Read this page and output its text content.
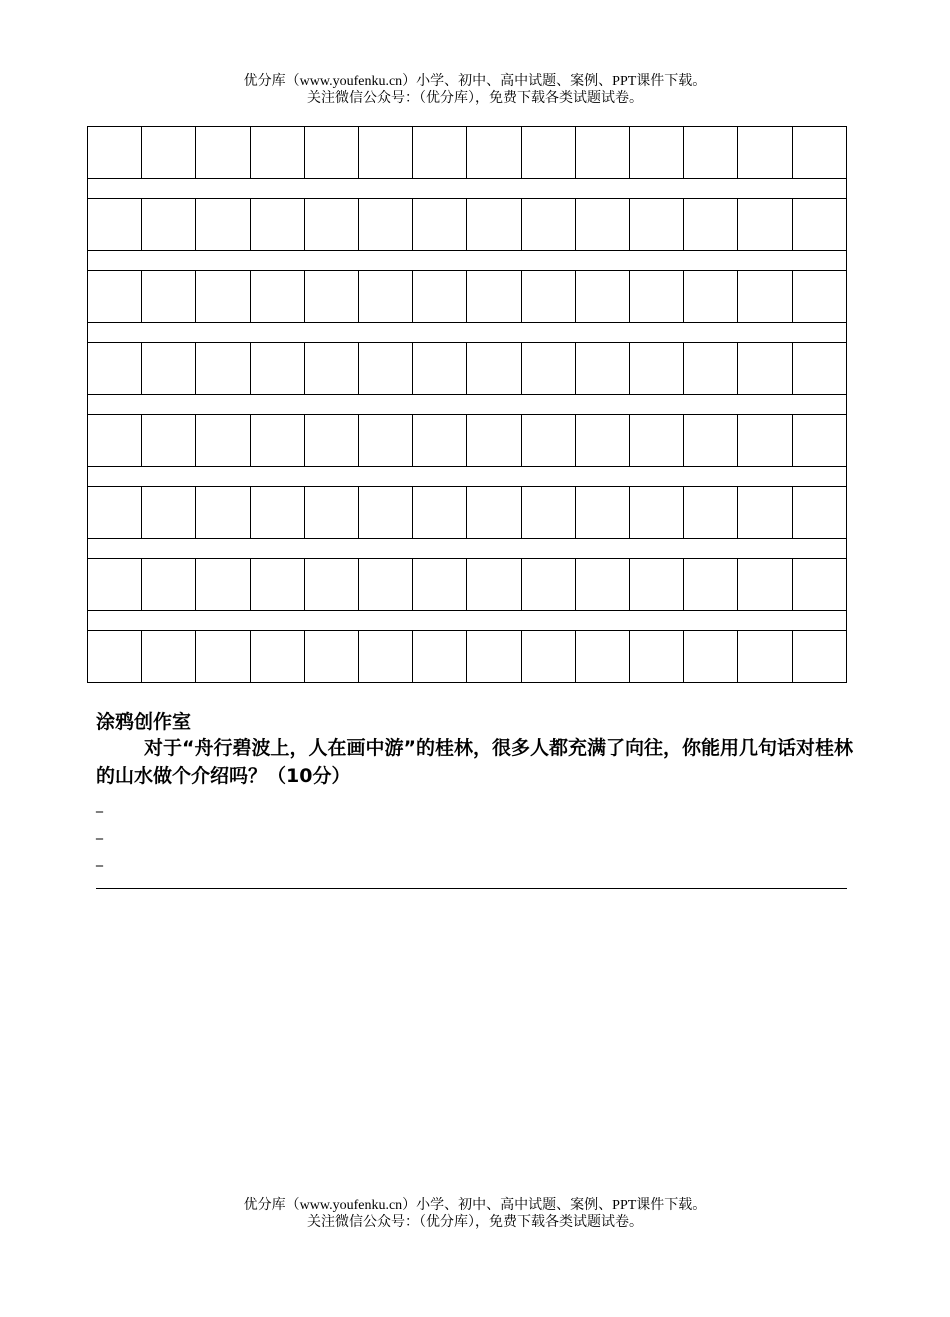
优分库（www.youfenku.cn）小学、初中、高中试题、案例、PPT课件下载。
关注微信公众号：（优分库），免费下载各类试题试卷。

涂鸦创作室
对于“舟行碧波上，人在画中游”的桂林，很多人都充满了向往，你能用几句话对桂林的山水做个介绍吗？（10分）
_
_
_
优分库（www.youfenku.cn）小学、初中、高中试题、案例、PPT课件下载。
关注微信公众号：（优分库），免费下载各类试题试卷。
